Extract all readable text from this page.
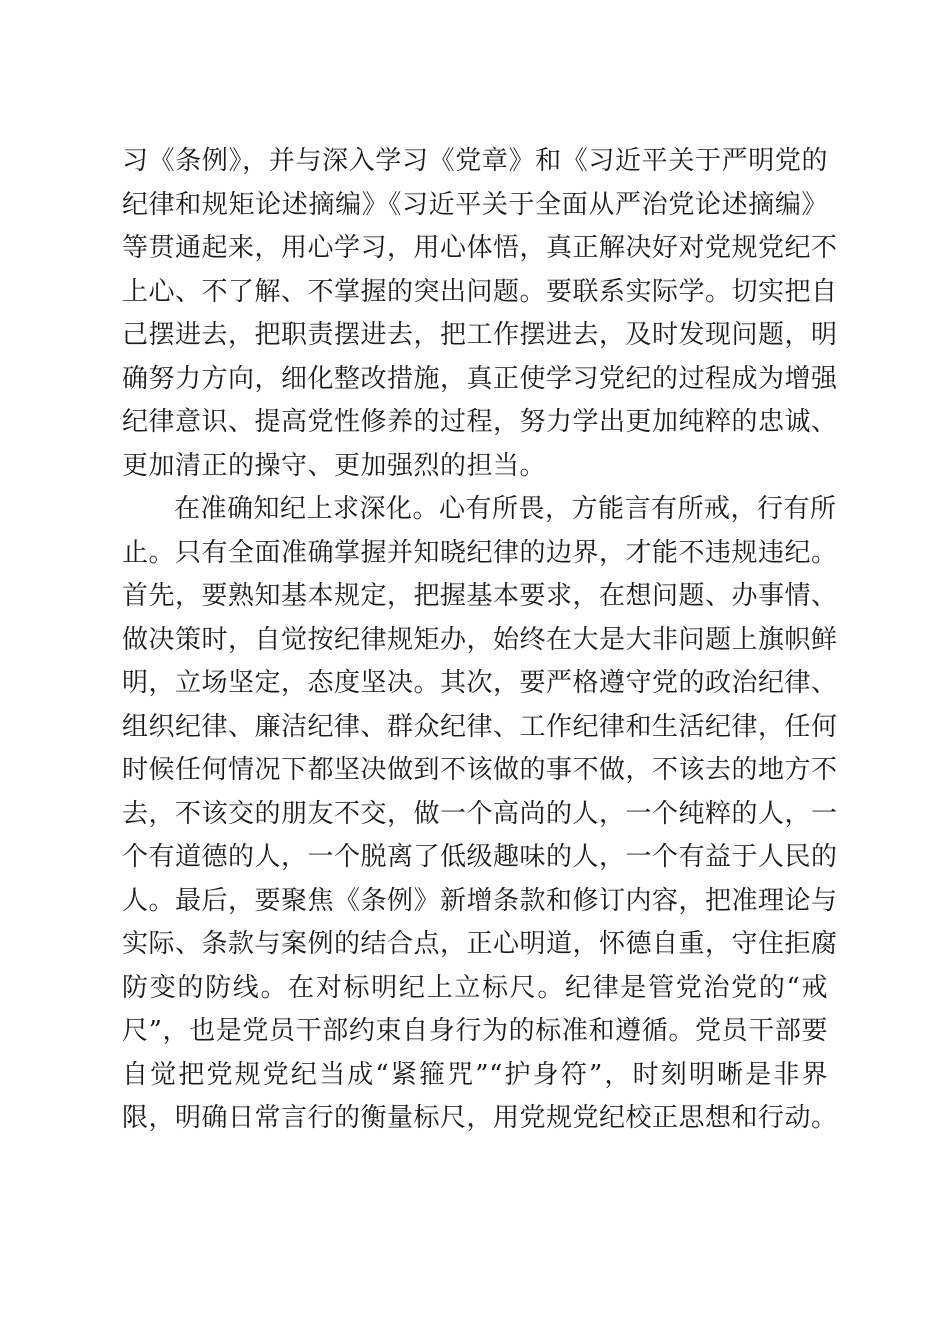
习《条例》，并与深入学习《党章》和《习近平关于严明党的
纪律和规矩论述摘编》《习近平关于全面从严治党论述摘编》
等贯通起来，用心学习，用心体悟，真正解决好对党规党纪不
上心、不了解、不掌握的突出问题。要联系实际学。切实把自
己摆进去，把职责摆进去，把工作摆进去，及时发现问题，明
确努力方向，细化整改措施，真正使学习党纪的过程成为增强
纪律意识、提高党性修养的过程，努力学出更加纯粹的忠诚、
更加清正的操守、更加强烈的担当。
在准确知纪上求深化。心有所畏，方能言有所戒，行有所
止。只有全面准确掌握并知晓纪律的边界，才能不违规违纪。
首先，要熟知基本规定，把握基本要求，在想问题、办事情、
做决策时，自觉按纪律规矩办，始终在大是大非问题上旗帜鲜
明，立场坚定，态度坚决。其次，要严格遵守党的政治纪律、
组织纪律、廉洁纪律、群众纪律、工作纪律和生活纪律，任何
时候任何情况下都坚决做到不该做的事不做，不该去的地方不
去，不该交的朋友不交，做一个高尚的人，一个纯粹的人，一
个有道德的人，一个脱离了低级趣味的人，一个有益于人民的
人。最后，要聚焦《条例》新增条款和修订内容，把准理论与
实际、条款与案例的结合点，正心明道，怀德自重，守住拒腐
防变的防线。在对标明纪上立标尺。纪律是管党治党的“戒
尺”，也是党员干部约束自身行为的标准和遵循。党员干部要
自觉把党规党纪当成“紧箍咒”“护身符”，时刻明晰是非界
限，明确日常言行的衡量标尺，用党规党纪校正思想和行动。
